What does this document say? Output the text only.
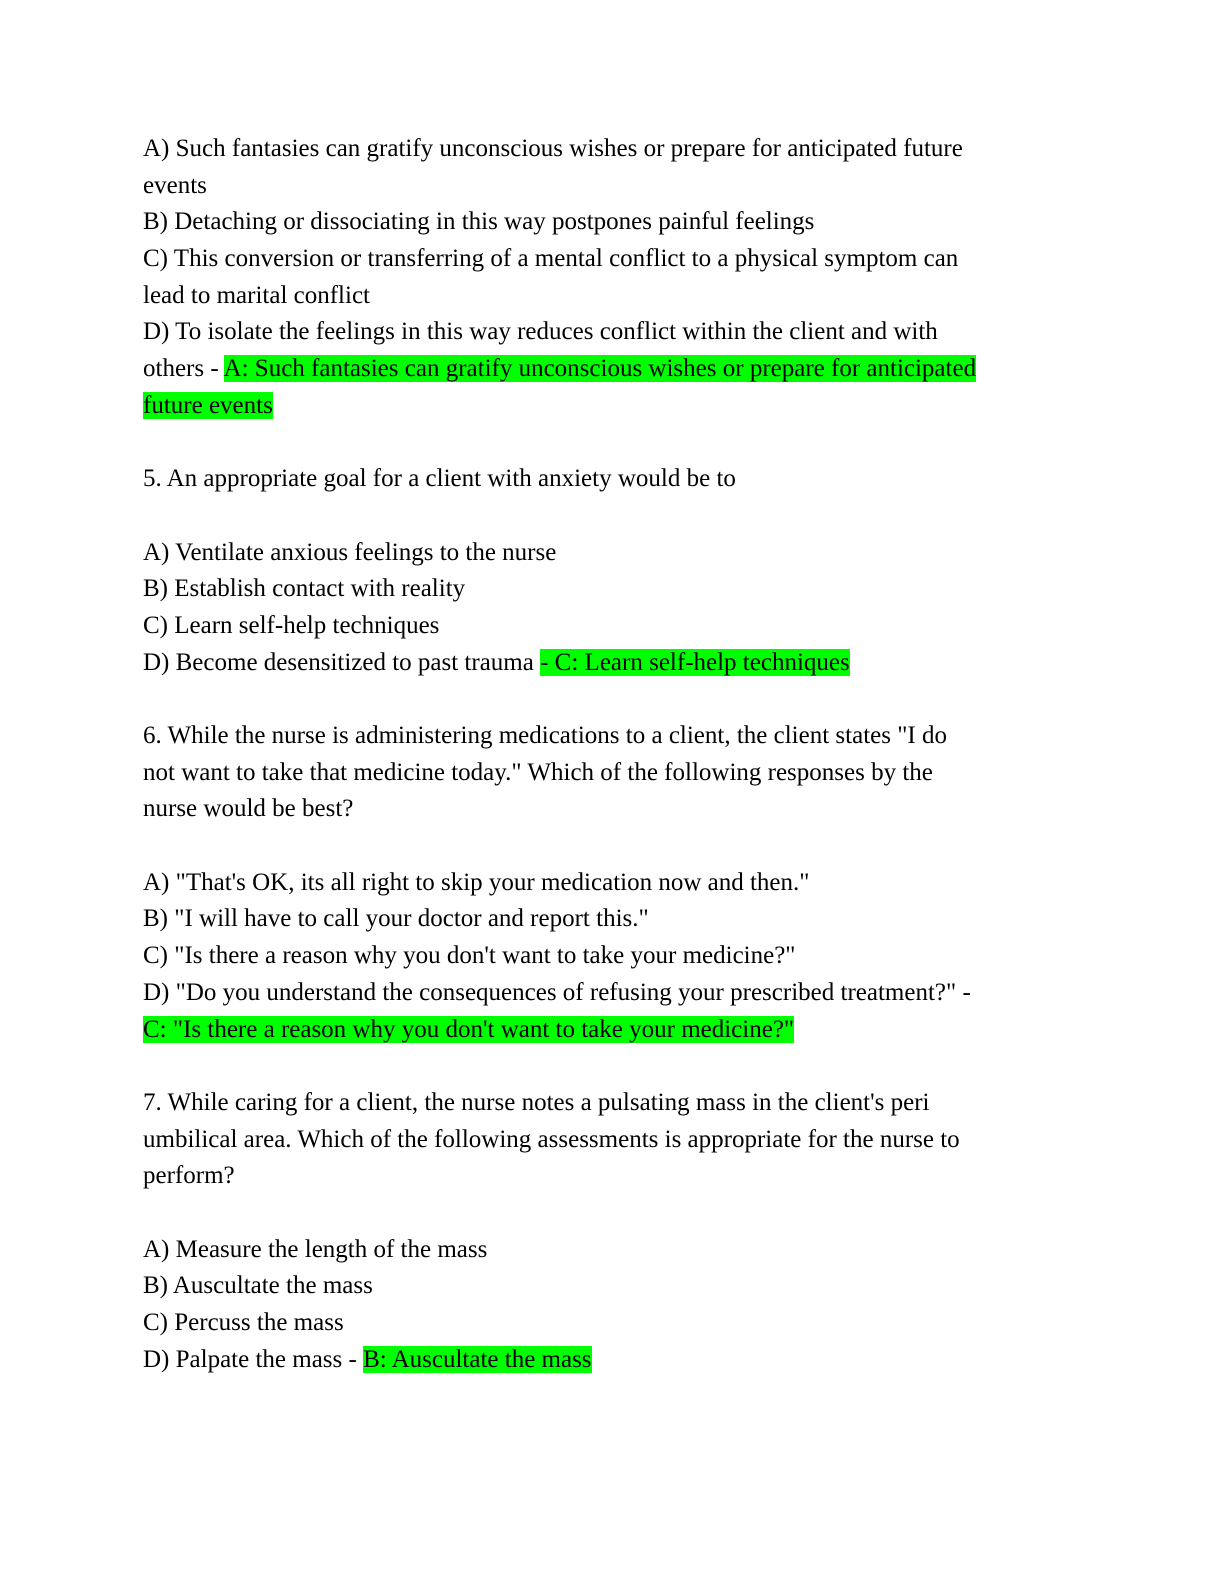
A) Such fantasies can gratify unconscious wishes or prepare for anticipated future
events
B) Detaching or dissociating in this way postpones painful feelings
C) This conversion or transferring of a mental conflict to a physical symptom can
lead to marital conflict
D) To isolate the feelings in this way reduces conflict within the client and with
others - A: Such fantasies can gratify unconscious wishes or prepare for anticipated
future events
5. An appropriate goal for a client with anxiety would be to
A) Ventilate anxious feelings to the nurse
B) Establish contact with reality
C) Learn self-help techniques
D) Become desensitized to past trauma - C: Learn self-help techniques
6. While the nurse is administering medications to a client, the client states "I do
not want to take that medicine today." Which of the following responses by the
nurse would be best?
A) "That's OK, its all right to skip your medication now and then."
B) "I will have to call your doctor and report this."
C) "Is there a reason why you don't want to take your medicine?"
D) "Do you understand the consequences of refusing your prescribed treatment?" -
C: "Is there a reason why you don't want to take your medicine?"
7. While caring for a client, the nurse notes a pulsating mass in the client's peri
umbilical area. Which of the following assessments is appropriate for the nurse to
perform?
A) Measure the length of the mass
B) Auscultate the mass
C) Percuss the mass
D) Palpate the mass - B: Auscultate the mass
